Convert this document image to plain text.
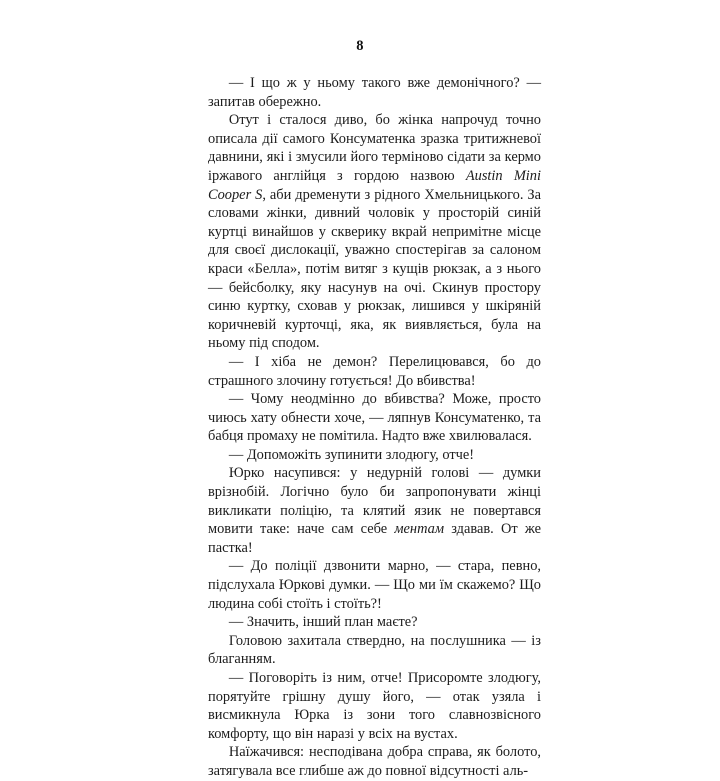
8

— І що ж у ньому такого вже демонічного? — запитав обережно.

Отут і сталося диво, бо жінка напрочуд точно описала дії самого Консуматенка зразка тритижневої давнини, які і змусили його терміново сідати за кермо іржавого англійця з гордою назвою Austin Mini Cooper S, аби дременути з рідного Хмельницького. За словами жінки, дивний чоловік у просторій синій куртці винайшов у скверику вкрай непримітне місце для своєї дислокації, уважно спостерігав за салоном краси «Белла», потім витяг з кущів рюкзак, а з нього — бейсболку, яку насунув на очі. Скинув простору синю куртку, сховав у рюкзак, лишився у шкіряній коричневій курточці, яка, як виявляється, була на ньому під сподом.

— І хіба не демон? Перелицювався, бо до страшного злочину готується! До вбивства!

— Чому неодмінно до вбивства? Може, просто чиюсь хату обнести хоче, — ляпнув Консуматенко, та бабця промаху не помітила. Надто вже хвилювалася.

— Допоможіть зупинити злодюгу, отче!

Юрко насупився: у недурній голові — думки врізнобій. Логічно було би запропонувати жінці викликати поліцію, та клятий язик не повертався мовити таке: наче сам себе ментам здавав. От же пастка!

— До поліції дзвонити марно, — стара, певно, підслухала Юркові думки. — Що ми їм скажемо? Що людина собі стоїть і стоїть?!

— Значить, інший план маєте?

Головою захитала ствердно, на послушника — із благанням.

— Поговоріть із ним, отче! Присоромте злодюгу, порятуйте грішну душу його, — отак узяла і висмикнула Юрка із зони того славнозвісного комфорту, що він наразі у всіх на вустах.

Наїжачився: несподівана добра справа, як болото, затягувала все глибше аж до повної відсутності аль-
